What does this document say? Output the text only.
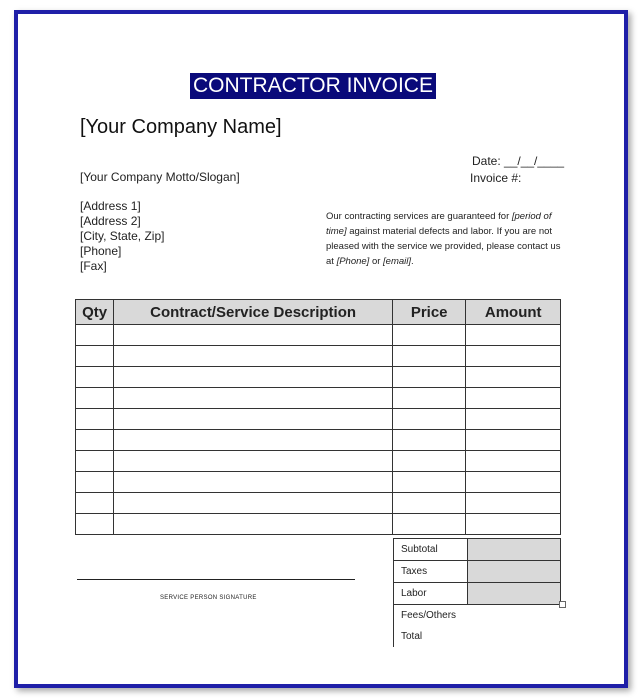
CONTRACTOR INVOICE
[Your Company Name]
[Your Company Motto/Slogan]
Date: __/__/____
Invoice #:
[Address 1]
[Address 2]
[City, State, Zip]
[Phone]
[Fax]
Our contracting services are guaranteed for [period of time] against material defects and labor. If you are not pleased with the service we provided, please contact us at [Phone] or [email].
Qty	Contract/Service Description	Price	Amount

Subtotal	
Taxes	
Labor	
Fees/Others	
Total	
SERVICE PERSON SIGNATURE
